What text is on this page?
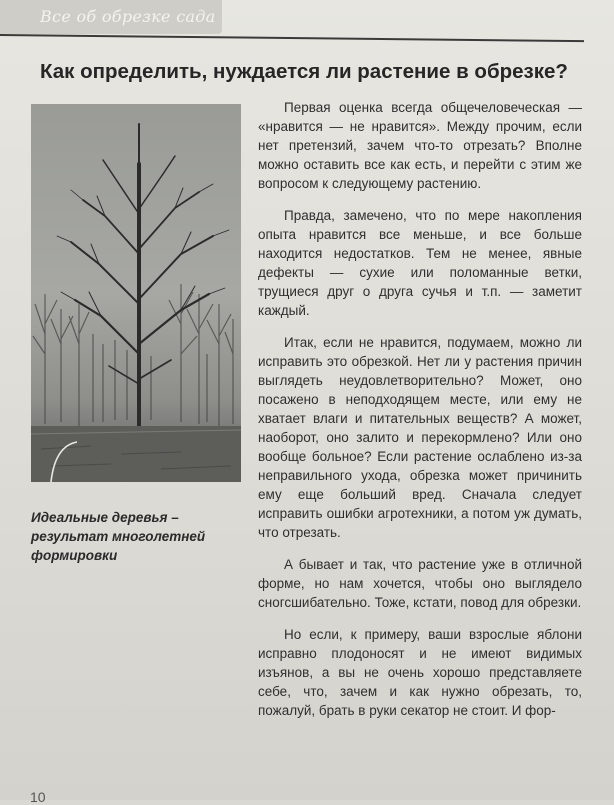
Все об обрезке сада
Как определить, нуждается ли растение в обрезке?

Идеальные деревья – результат многолетней формировки

Первая оценка всегда общечеловеческая — «нравится — не нравится». Между прочим, если нет претензий, зачем что-то отрезать? Вполне можно оставить все как есть, и перейти с этим же вопросом к следующему растению.

Правда, замечено, что по мере накопления опыта нравится все меньше, и все больше находится недостатков. Тем не менее, явные дефекты — сухие или поломанные ветки, трущиеся друг о друга сучья и т.п. — заметит каждый.

Итак, если не нравится, подумаем, можно ли исправить это обрезкой. Нет ли у растения причин выглядеть неудовлетворительно? Может, оно посажено в неподходящем месте, или ему не хватает влаги и питательных веществ? А может, наоборот, оно залито и перекормлено? Или оно вообще больное? Если растение ослаблено из-за неправильного ухода, обрезка может причинить ему еще больший вред. Сначала следует исправить ошибки агротехники, а потом уж думать, что отрезать.

А бывает и так, что растение уже в отличной форме, но нам хочется, чтобы оно выглядело сногсшибательно. Тоже, кстати, повод для обрезки.

Но если, к примеру, ваши взрослые яблони исправно плодоносят и не имеют видимых изъянов, а вы не очень хорошо представляете себе, что, зачем и как нужно обрезать, то, пожалуй, брать в руки секатор не стоит. И фор-

10
